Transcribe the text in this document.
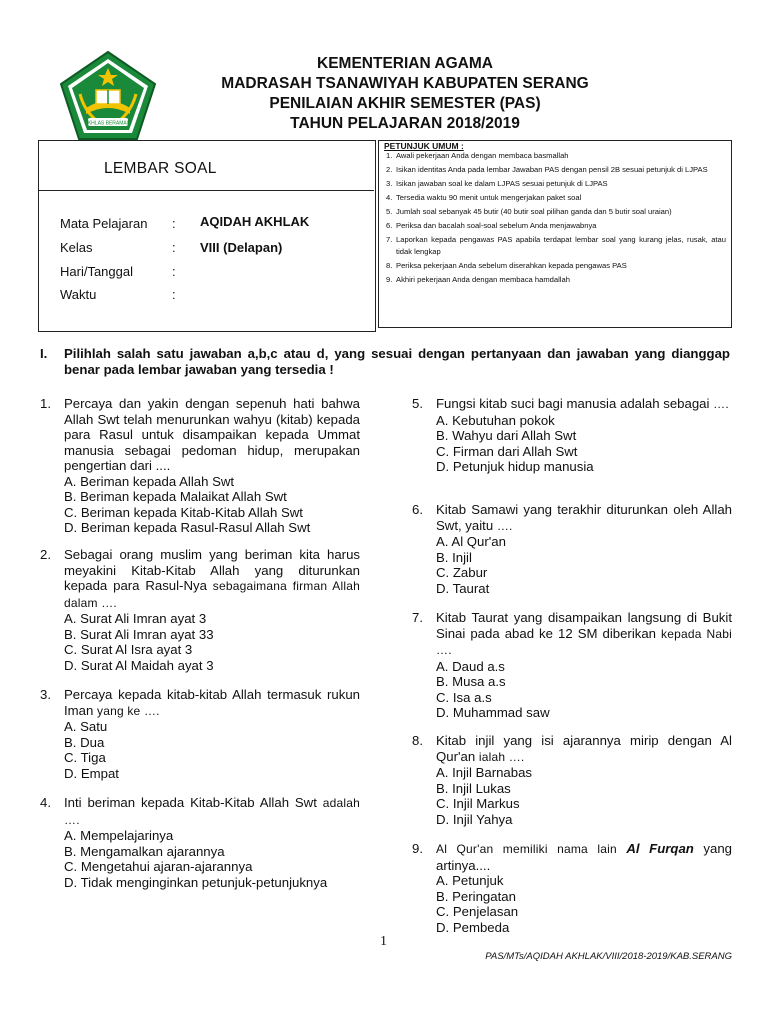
IKHLAS BERAMAL
KEMENTERIAN AGAMA
MADRASAH TSANAWIYAH KABUPATEN SERANG
PENILAIAN AKHIR SEMESTER (PAS)
TAHUN PELAJARAN 2018/2019
LEMBAR SOAL
Mata Pelajaran : AQIDAH AKHLAK
Kelas	: VIII (Delapan)
Hari/Tanggal	:
Waktu	:
PETUNJUK UMUM :
1. Awali pekerjaan Anda dengan membaca basmallah
2. Isikan identitas Anda pada lembar Jawaban PAS dengan pensil 2B sesuai petunjuk di LJPAS
3. Isikan jawaban soal ke dalam LJPAS sesuai petunjuk di LJPAS
4. Tersedia waktu 90 menit untuk mengerjakan paket soal
5. Jumlah soal sebanyak 45 butir (40 butir soal pilihan ganda dan 5 butir soal uraian)
6. Periksa dan bacalah soal-soal sebelum Anda menjawabnya
7. Laporkan kepada pengawas PAS apabila terdapat lembar soal yang kurang jelas, rusak, atau tidak lengkap
8. Periksa pekerjaan Anda sebelum diserahkan kepada pengawas PAS
9. Akhiri pekerjaan Anda dengan membaca hamdallah
I. Pilihlah salah satu jawaban a,b,c atau d, yang sesuai dengan pertanyaan dan jawaban yang dianggap benar pada lembar jawaban yang tersedia !
1. Percaya dan yakin dengan sepenuh hati bahwa Allah Swt telah menurunkan wahyu (kitab) kepada para Rasul untuk disampaikan kepada Ummat manusia sebagai pedoman hidup, merupakan pengertian dari ....
A. Beriman kepada Allah Swt
B. Beriman kepada Malaikat Allah Swt
C. Beriman kepada Kitab-Kitab Allah Swt
D. Beriman kepada Rasul-Rasul Allah Swt
2. Sebagai orang muslim yang beriman kita harus meyakini Kitab-Kitab Allah yang diturunkan kepada para Rasul-Nya sebagaimana firman Allah dalam ….
A. Surat Ali Imran ayat 3
B. Surat Ali Imran ayat 33
C. Surat Al Isra ayat 3
D. Surat Al Maidah ayat 3
3. Percaya kepada kitab-kitab Allah termasuk rukun Iman yang ke ….
A. Satu
B. Dua
C. Tiga
D. Empat
4. Inti beriman kepada Kitab-Kitab Allah Swt adalah ….
A. Mempelajarinya
B. Mengamalkan ajarannya
C. Mengetahui ajaran-ajarannya
D. Tidak menginginkan petunjuk-petunjuknya
5. Fungsi kitab suci bagi manusia adalah sebagai ….
A. Kebutuhan pokok
B. Wahyu dari Allah Swt
C. Firman dari Allah Swt
D. Petunjuk hidup manusia
6. Kitab Samawi yang terakhir diturunkan oleh Allah Swt, yaitu ….
A. Al Qur'an
B. Injil
C. Zabur
D. Taurat
7. Kitab Taurat yang disampaikan langsung di Bukit Sinai pada abad ke 12 SM diberikan kepada Nabi ….
A. Daud a.s
B. Musa a.s
C. Isa a.s
D. Muhammad saw
8. Kitab injil yang isi ajarannya mirip dengan Al Qur'an ialah ….
A. Injil Barnabas
B. Injil Lukas
C. Injil Markus
D. Injil Yahya
9. Al Qur'an memiliki nama lain Al Furqan yang artinya....
A. Petunjuk
B. Peringatan
C. Penjelasan
D. Pembeda
1
PAS/MTs/AQIDAH AKHLAK/VIII/2018-2019/KAB.SERANG
